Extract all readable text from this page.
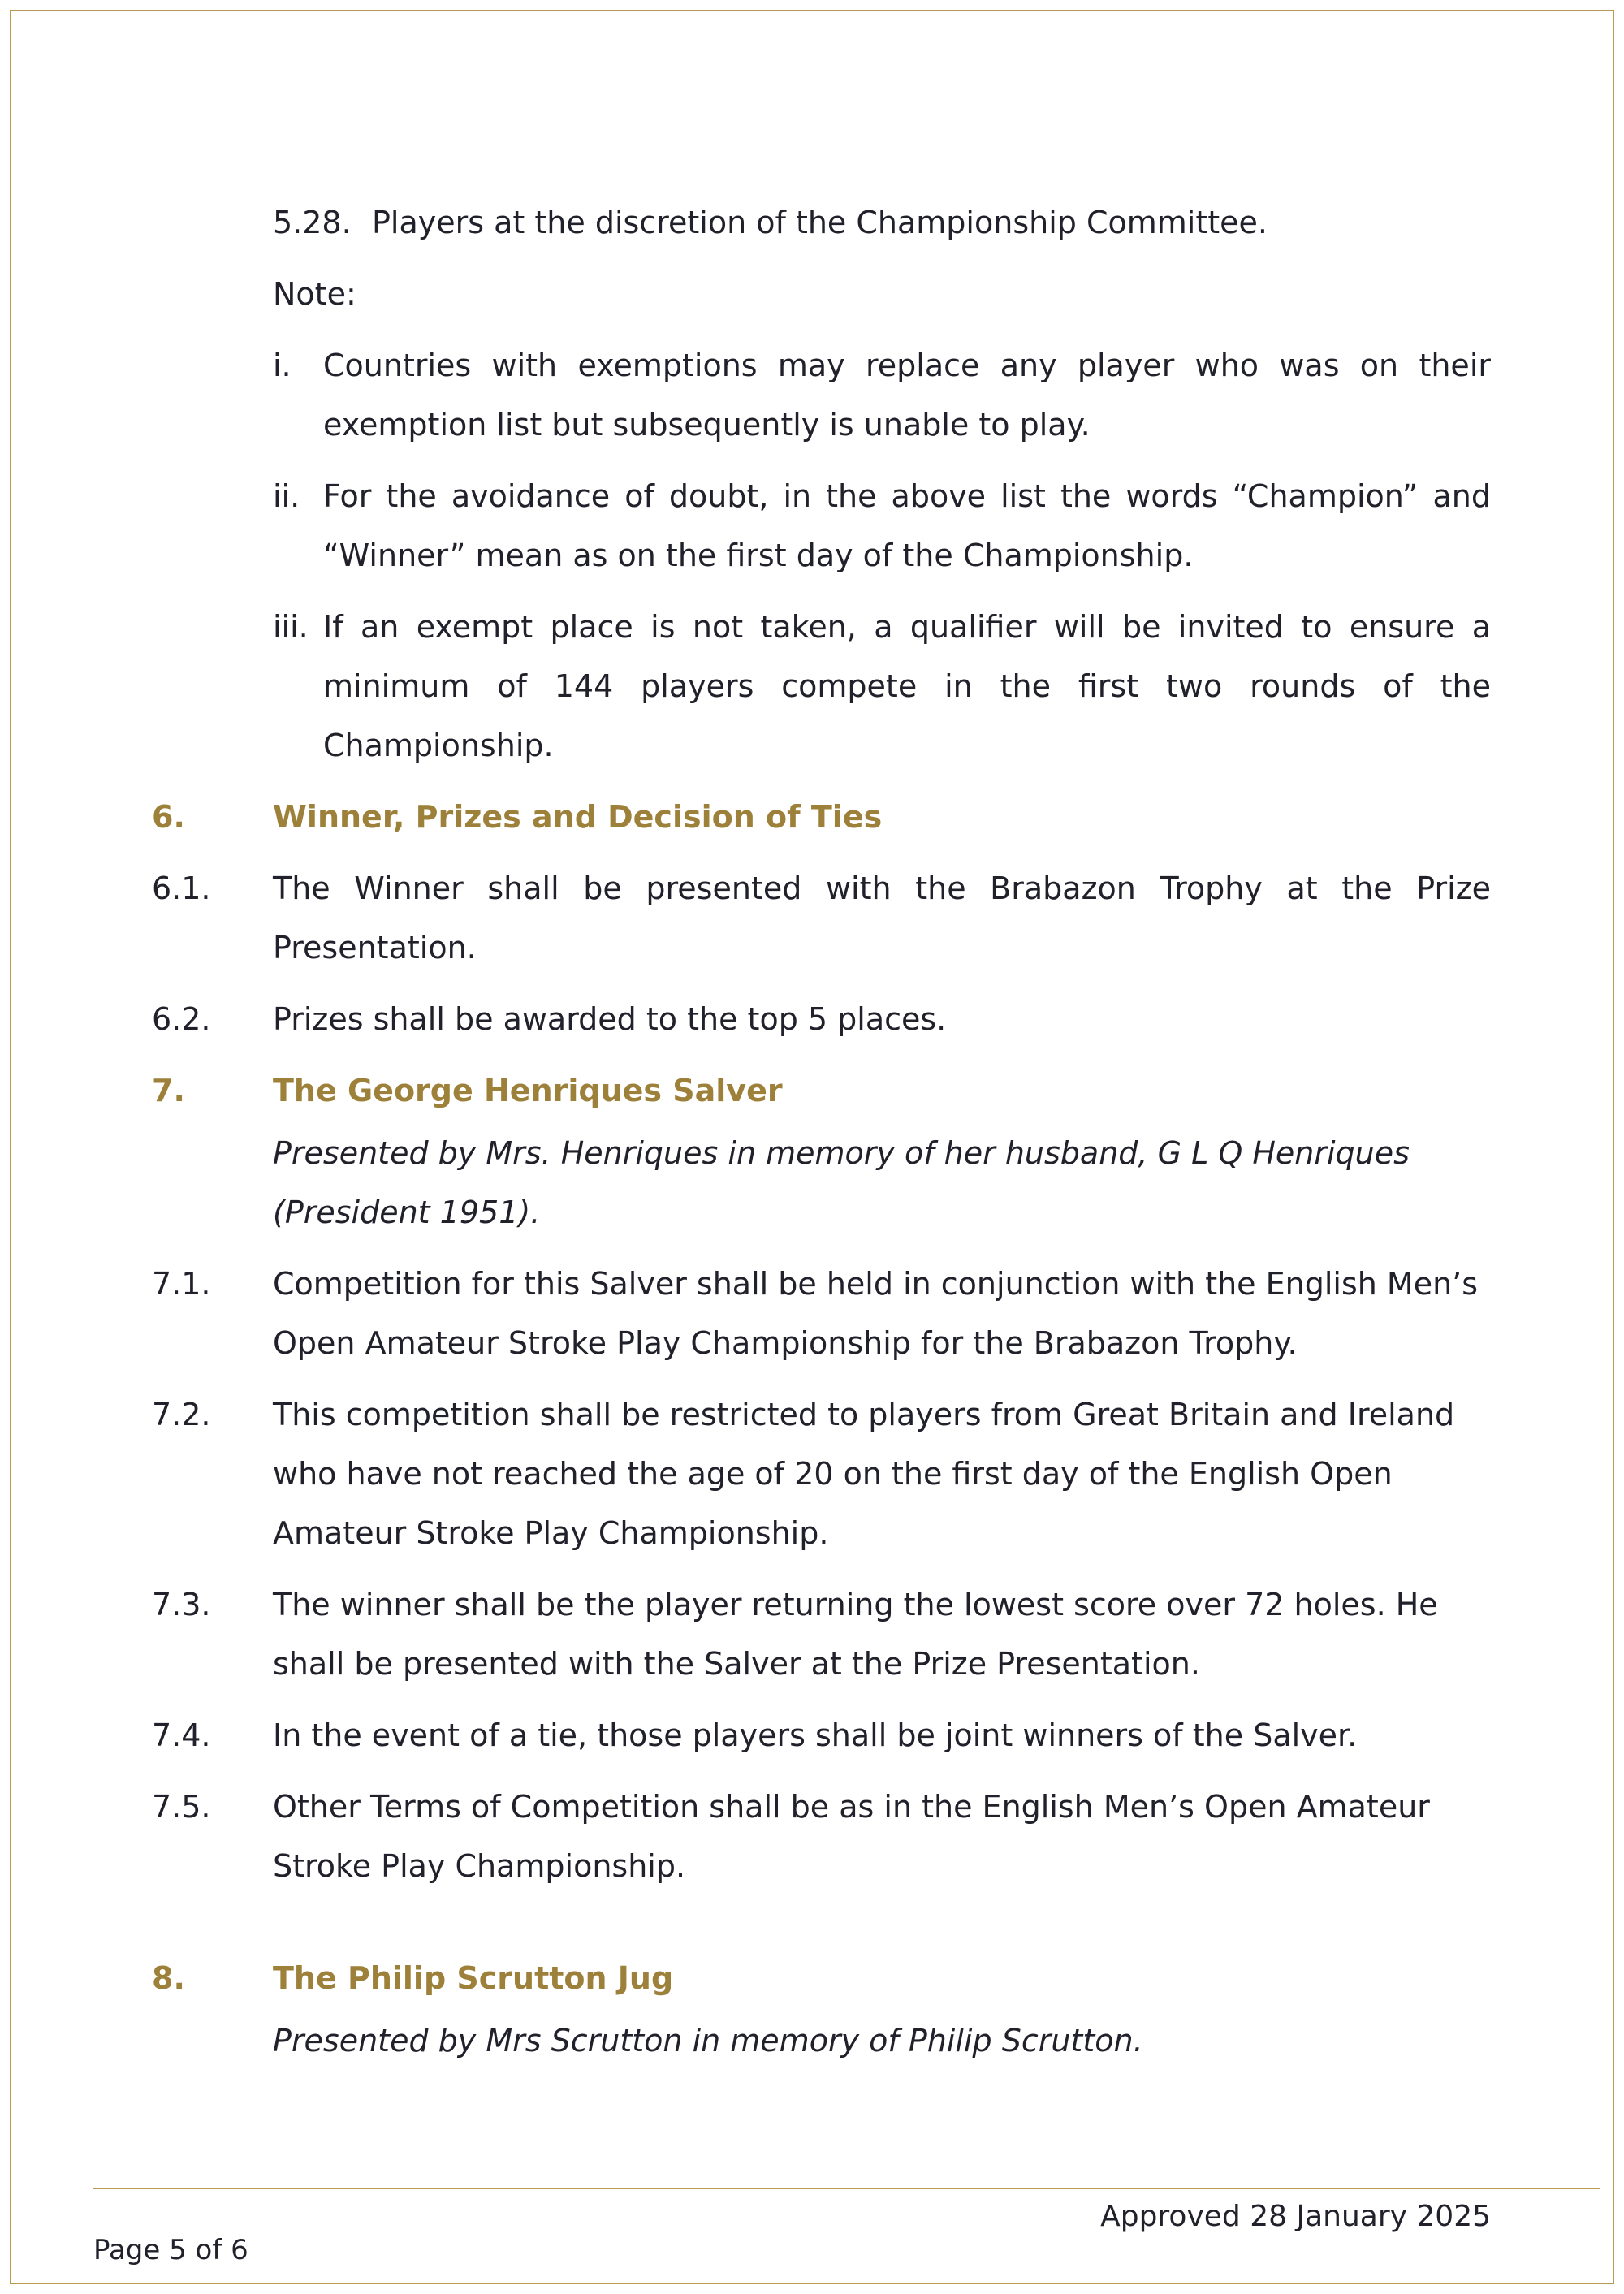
5.28. Players at the discretion of the Championship Committee.
Note:
i.	Countries with exemptions may replace any player who was on their exemption list but subsequently is unable to play.
ii. For the avoidance of doubt, in the above list the words “Champion” and “Winner” mean as on the first day of the Championship.
iii. If an exempt place is not taken, a qualifier will be invited to ensure a minimum of 144 players compete in the first two rounds of the Championship.
6.	Winner, Prizes and Decision of Ties
6.1.	The Winner shall be presented with the Brabazon Trophy at the Prize Presentation.
6.2.	Prizes shall be awarded to the top 5 places.
7.	The George Henriques Salver
Presented by Mrs. Henriques in memory of her husband, G L Q Henriques (President 1951).
7.1.	Competition for this Salver shall be held in conjunction with the English Men’s Open Amateur Stroke Play Championship for the Brabazon Trophy.
7.2.	This competition shall be restricted to players from Great Britain and Ireland who have not reached the age of 20 on the first day of the English Open Amateur Stroke Play Championship.
7.3.	The winner shall be the player returning the lowest score over 72 holes. He shall be presented with the Salver at the Prize Presentation.
7.4.	In the event of a tie, those players shall be joint winners of the Salver.
7.5.	Other Terms of Competition shall be as in the English Men’s Open Amateur Stroke Play Championship.
8.	The Philip Scrutton Jug
Presented by Mrs Scrutton in memory of Philip Scrutton.
Approved 28 January 2025
Page 5 of 6
